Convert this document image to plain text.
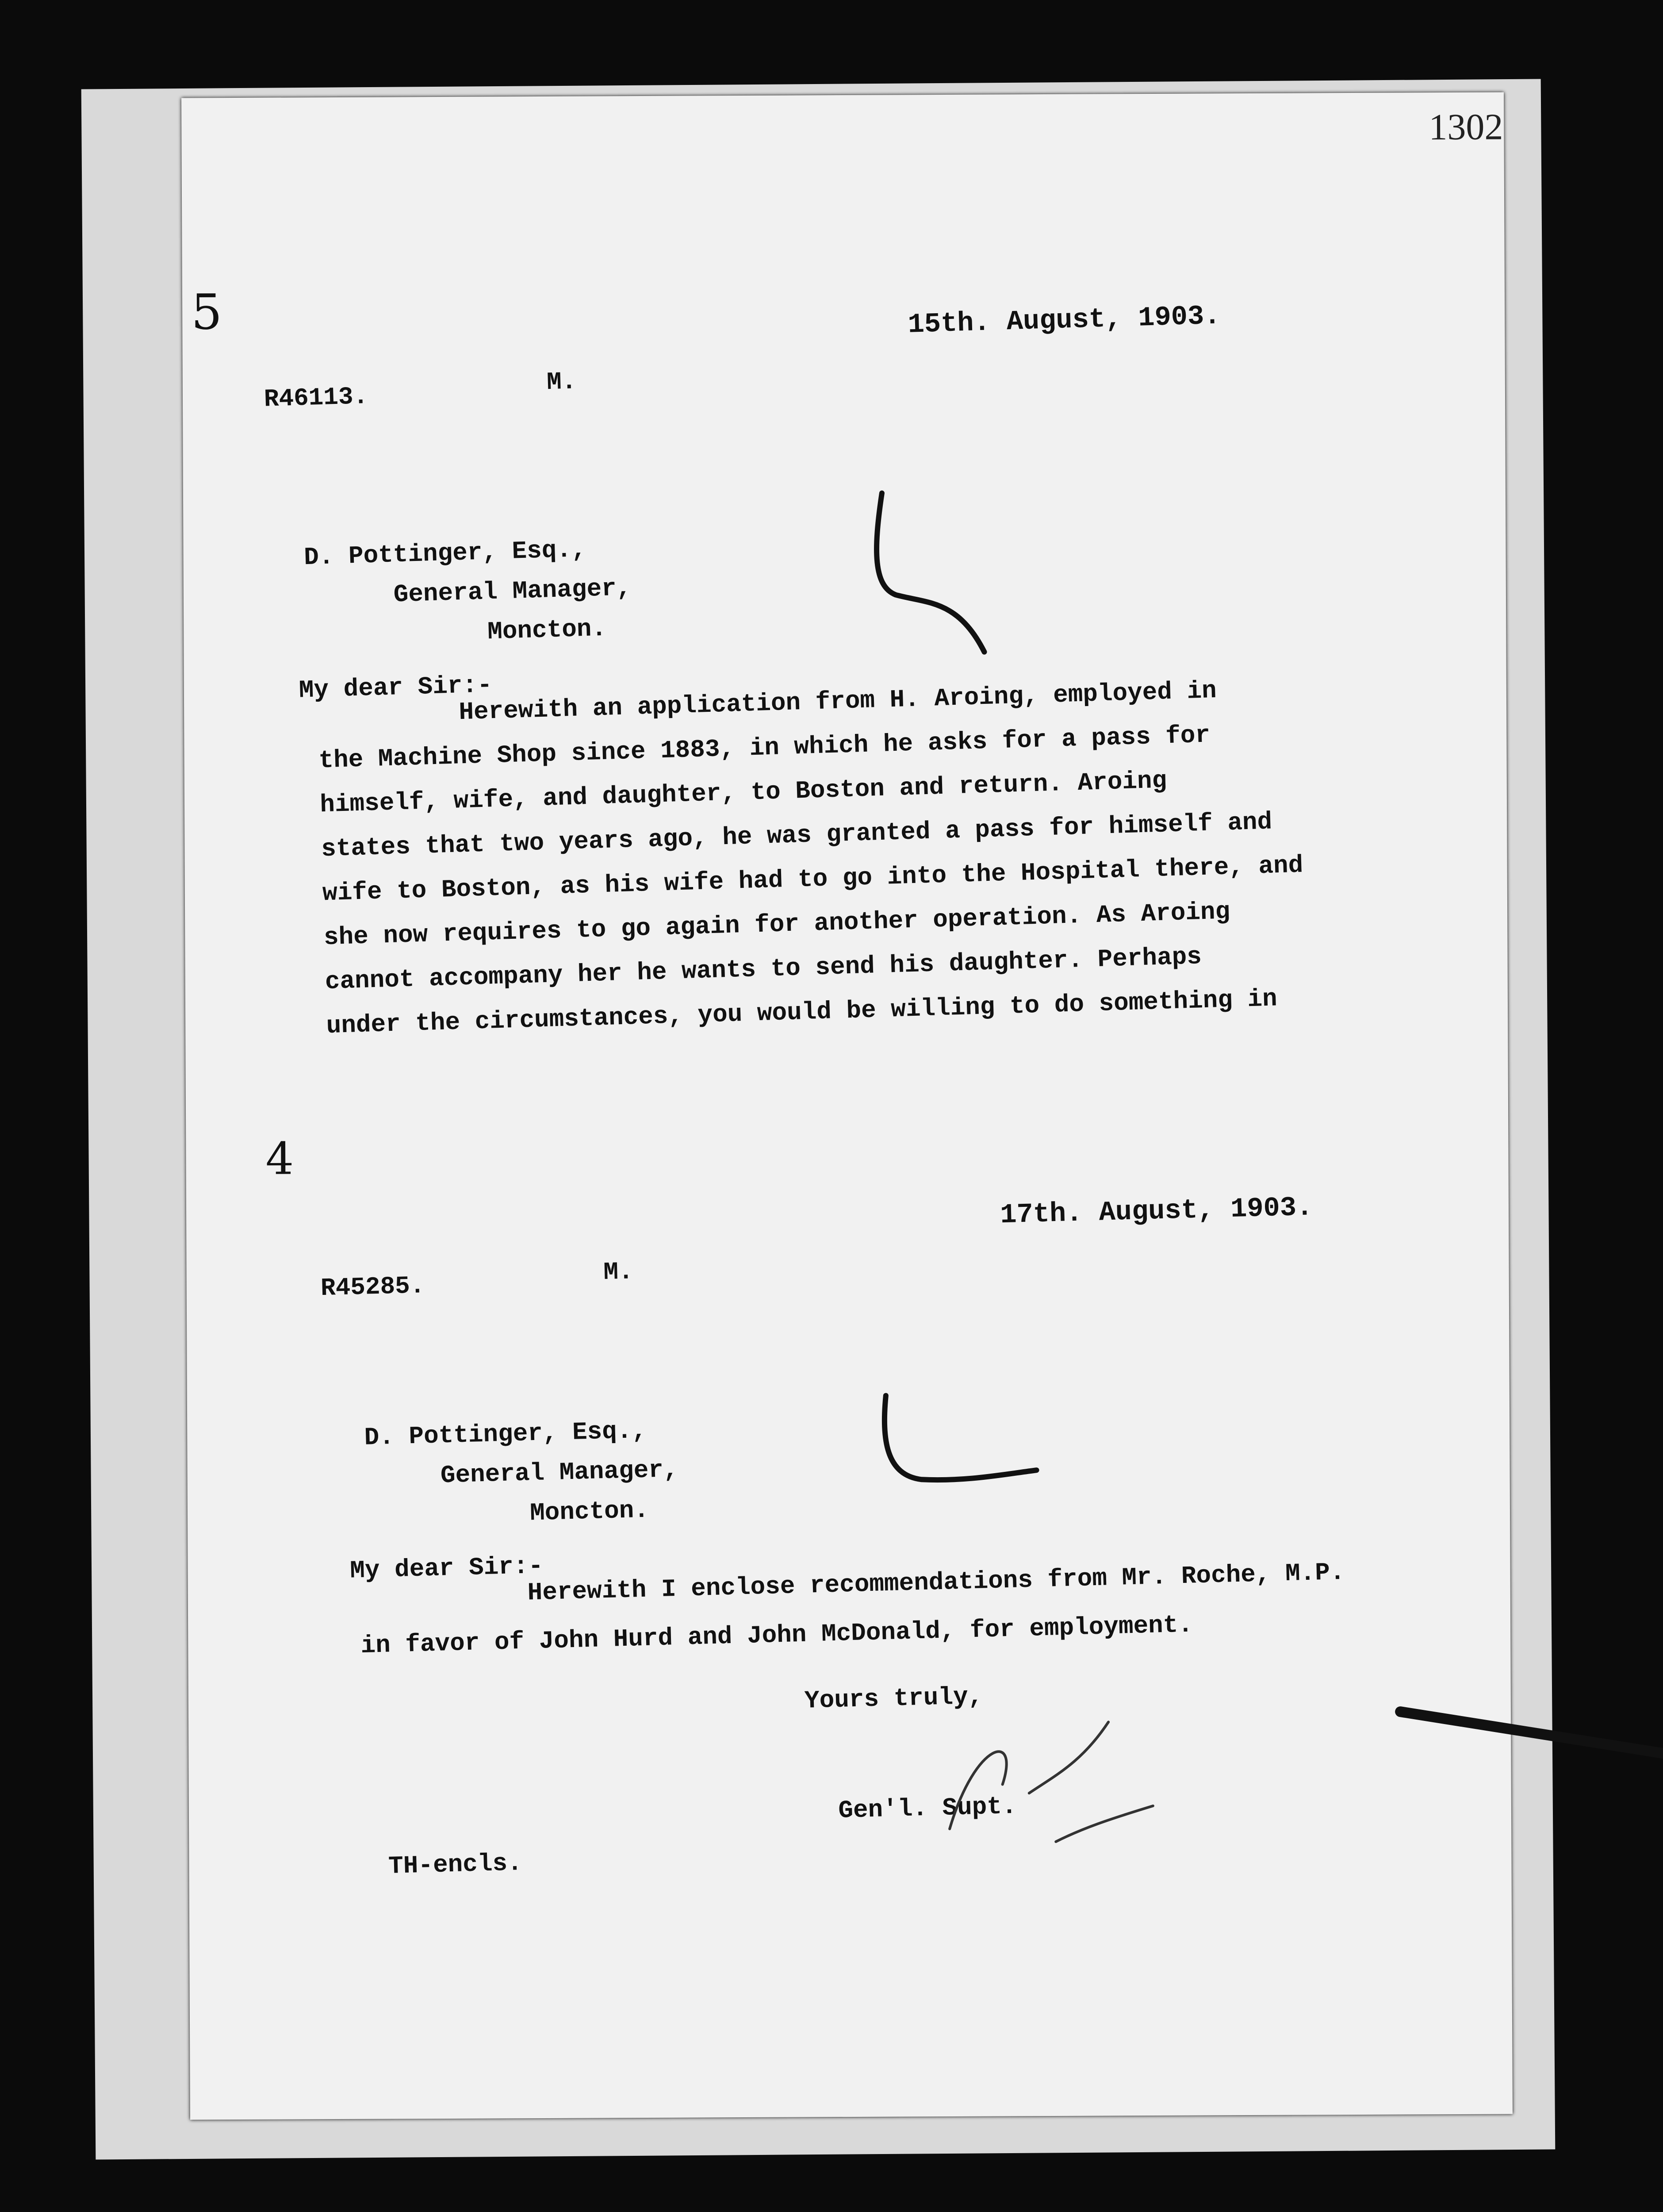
1302
5
4
15th. August, 1903.
R46113.
M.
D. Pottinger, Esq.,
General Manager,
Moncton.
My dear Sir:-
Herewith an application from H. Aroing, employed in
the Machine Shop since 1883, in which he asks for a pass for
himself, wife, and daughter, to Boston and return. Aroing
states that two years ago, he was granted a pass for himself and
wife to Boston, as his wife had to go into the Hospital there, and
she now requires to go again for another operation. As Aroing
cannot accompany her he wants to send his daughter. Perhaps
under the circumstances, you would be willing to do something in
17th. August, 1903.
R45285.	M.
D. Pottinger, Esq.,
General Manager,
Moncton.
My dear Sir:-
Herewith I enclose recommendations from Mr. Roche, M.P.
in favor of John Hurd and John McDonald, for employment.
Yours truly,
Gen'l. Supt.
TH-encls.
